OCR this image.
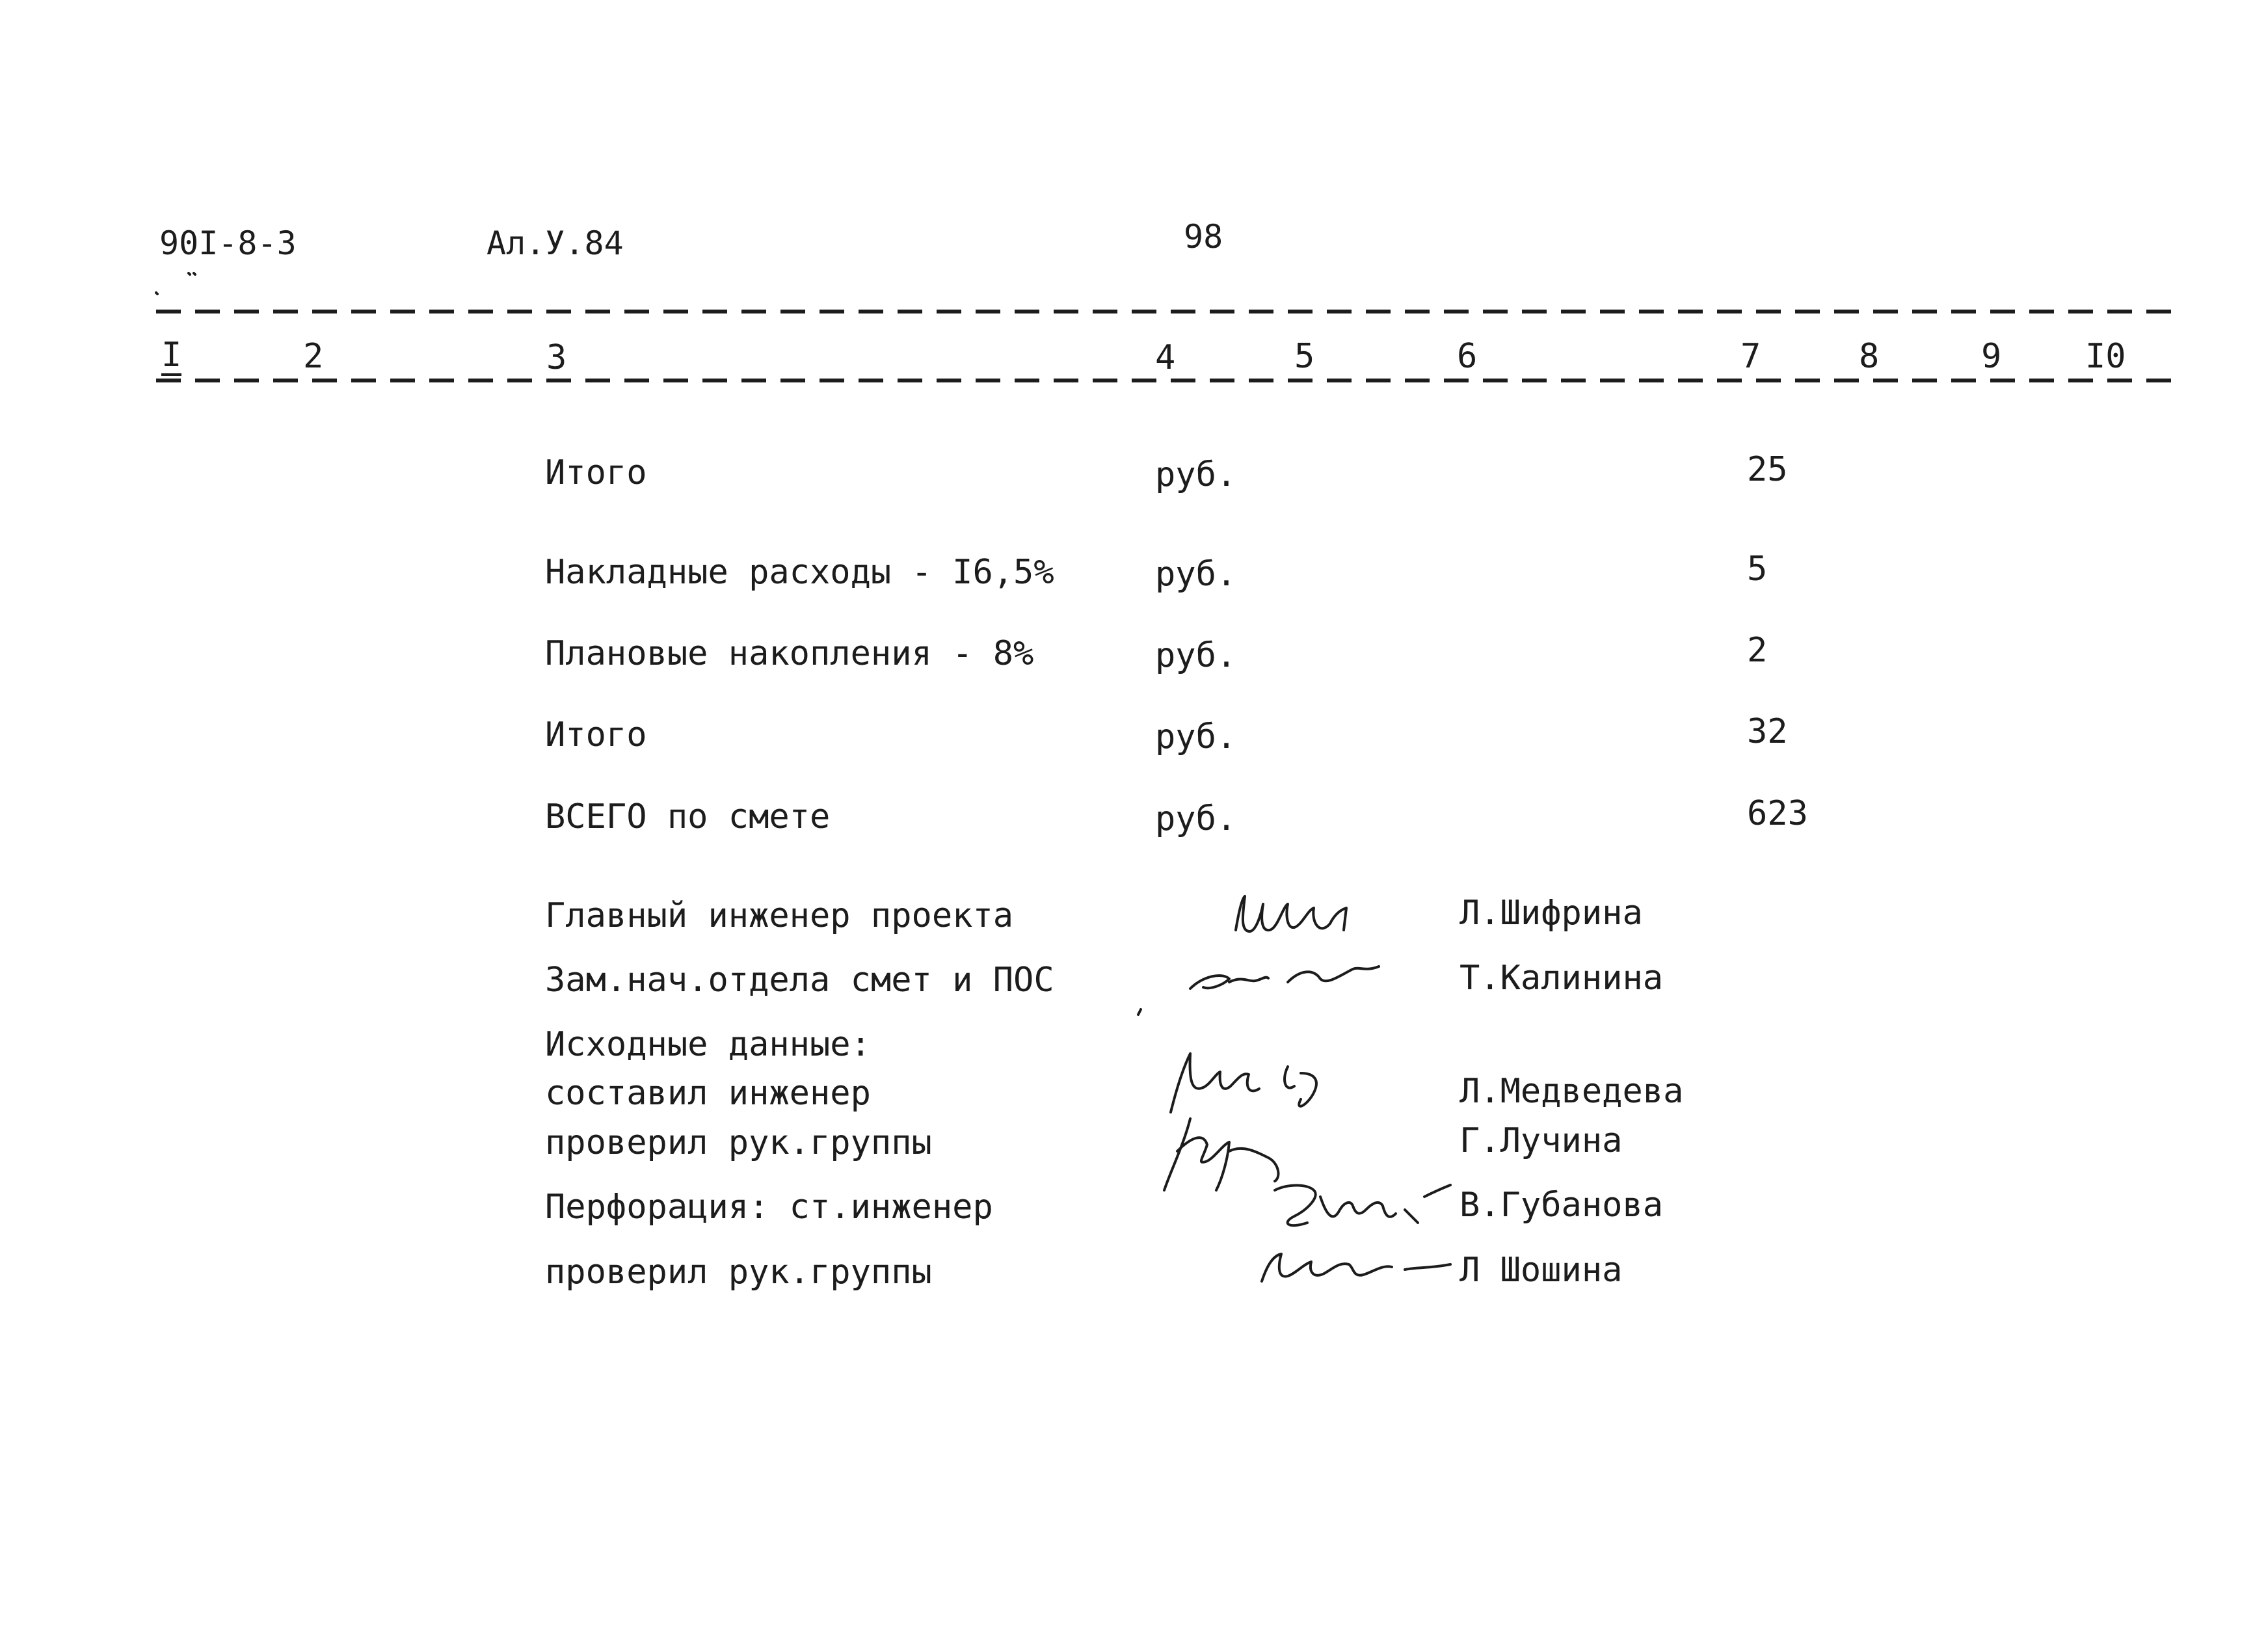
90I-8-3	Ал.У.84	98
I	2	3	4	5	6	7	8	9 I0
Итого	руб.	25
Накладные расходы - I6,5%	руб.	5
Плановые накопления - 8%	руб.	2
Итого	руб.	32
ВСЕГО по смете	руб.	623
Главный инженер проекта	Л.Шифрина
Зам.нач.отдела смет и ПОС	Т.Калинина
Исходные данные:
составил инженер	Л.Медведева
проверил рук.группы	Г.Лучина
Перфорация: ст.инженер	В.Губанова
проверил рук.группы	Л Шошина
